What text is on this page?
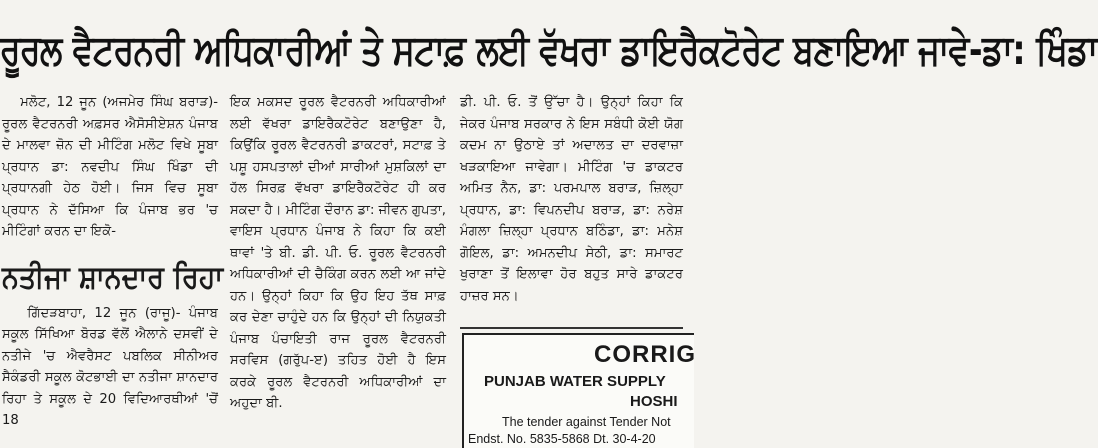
ਰੂਰਲ ਵੈਟਰਨਰੀ ਅਧਿਕਾਰੀਆਂ ਤੇ ਸਟਾਫ਼ ਲਈ ਵੱਖਰਾ ਡਾਇਰੈਕਟੋਰੇਟ ਬਣਾਇਆ ਜਾਵੇ-ਡਾ: ਖਿੰਡਾ

ਮਲੋਟ, 12 ਜੂਨ (ਅਜਮੇਰ ਸਿੰਘ ਬਰਾੜ)- ਰੂਰਲ ਵੈਟਰਨਰੀ ਅਫ਼ਸਰ ਐਸੋਸੀਏਸ਼ਨ ਪੰਜਾਬ ਦੇ ਮਾਲਵਾ ਜ਼ੋਨ ਦੀ ਮੀਟਿੰਗ ਮਲੋਟ ਵਿਖੇ ਸੂਬਾ ਪ੍ਰਧਾਨ ਡਾ: ਨਵਦੀਪ ਸਿੰਘ ਖਿੰਡਾ ਦੀ ਪ੍ਰਧਾਨਗੀ ਹੇਠ ਹੋਈ। ਜਿਸ ਵਿਚ ਸੂਬਾ ਪ੍ਰਧਾਨ ਨੇ ਦੱਸਿਆ ਕਿ ਪੰਜਾਬ ਭਰ 'ਚ ਮੀਟਿੰਗਾਂ ਕਰਨ ਦਾ ਇਕੋ-

ਨਤੀਜਾ ਸ਼ਾਨਦਾਰ ਰਿਹਾ

ਗਿੱਦੜਬਾਹਾ, 12 ਜੂਨ (ਰਾਜੂ)- ਪੰਜਾਬ ਸਕੂਲ ਸਿੱਖਿਆ ਬੋਰਡ ਵੱਲੋਂ ਐਲਾਨੇ ਦਸਵੀਂ ਦੇ ਨਤੀਜੇ 'ਚ ਐਵਰੈਸਟ ਪਬਲਿਕ ਸੀਨੀਅਰ ਸੈਕੰਡਰੀ ਸਕੂਲ ਕੋਟਭਾਈ ਦਾ ਨਤੀਜਾ ਸ਼ਾਨਦਾਰ ਰਿਹਾ ਤੇ ਸਕੂਲ ਦੇ 20 ਵਿਦਿਆਰਥੀਆਂ 'ਚੋਂ 18

ਇਕ ਮਕਸਦ ਰੂਰਲ ਵੈਟਰਨਰੀ ਅਧਿਕਾਰੀਆਂ ਲਈ ਵੱਖਰਾ ਡਾਇਰੈਕਟੋਰੇਟ ਬਣਾਉਣਾ ਹੈ, ਕਿਉਂਕਿ ਰੂਰਲ ਵੈਟਰਨਰੀ ਡਾਕਟਰਾਂ, ਸਟਾਫ਼ ਤੇ ਪਸ਼ੂ ਹਸਪਤਾਲਾਂ ਦੀਆਂ ਸਾਰੀਆਂ ਮੁਸ਼ਕਿਲਾਂ ਦਾ ਹੱਲ ਸਿਰਫ਼ ਵੱਖਰਾ ਡਾਇਰੈਕਟੋਰੇਟ ਹੀ ਕਰ ਸਕਦਾ ਹੈ। ਮੀਟਿੰਗ ਦੌਰਾਨ ਡਾ: ਜੀਵਨ ਗੁਪਤਾ, ਵਾਇਸ ਪ੍ਰਧਾਨ ਪੰਜਾਬ ਨੇ ਕਿਹਾ ਕਿ ਕਈ ਥਾਵਾਂ 'ਤੇ ਬੀ. ਡੀ. ਪੀ. ਓ. ਰੂਰਲ ਵੈਟਰਨਰੀ ਅਧਿਕਾਰੀਆਂ ਦੀ ਚੈਕਿੰਗ ਕਰਨ ਲਈ ਆ ਜਾਂਦੇ ਹਨ। ਉਨ੍ਹਾਂ ਕਿਹਾ ਕਿ ਉਹ ਇਹ ਤੱਥ ਸਾਫ਼ ਕਰ ਦੇਣਾ ਚਾਹੁੰਦੇ ਹਨ ਕਿ ਉਨ੍ਹਾਂ ਦੀ ਨਿਯੁਕਤੀ ਪੰਜਾਬ ਪੰਚਾਇਤੀ ਰਾਜ ਰੂਰਲ ਵੈਟਰਨਰੀ ਸਰਵਿਸ (ਗਰੁੱਪ-ੲ) ਤਹਿਤ ਹੋਈ ਹੈ ਇਸ ਕਰਕੇ ਰੂਰਲ ਵੈਟਰਨਰੀ ਅਧਿਕਾਰੀਆਂ ਦਾ ਅਹੁਦਾ ਬੀ.

ਡੀ. ਪੀ. ਓ. ਤੋਂ ਉੱਚਾ ਹੈ। ਉਨ੍ਹਾਂ ਕਿਹਾ ਕਿ ਜੇਕਰ ਪੰਜਾਬ ਸਰਕਾਰ ਨੇ ਇਸ ਸਬੰਧੀ ਕੋਈ ਯੋਗ ਕਦਮ ਨਾ ਉਠਾਏ ਤਾਂ ਅਦਾਲਤ ਦਾ ਦਰਵਾਜ਼ਾ ਖੜਕਾਇਆ ਜਾਵੇਗਾ। ਮੀਟਿੰਗ 'ਚ ਡਾਕਟਰ ਅਮਿਤ ਨੈਨ, ਡਾ: ਪਰਮਪਾਲ ਬਰਾੜ, ਜ਼ਿਲ੍ਹਾ ਪ੍ਰਧਾਨ, ਡਾ: ਵਿਪਨਦੀਪ ਬਰਾੜ, ਡਾ: ਨਰੇਸ਼ ਮੰਗਲਾ ਜ਼ਿਲ੍ਹਾ ਪ੍ਰਧਾਨ ਬਠਿੰਡਾ, ਡਾ: ਮਨੇਸ਼ ਗੋਇਲ, ਡਾ: ਅਮਨਦੀਪ ਸੇਠੀ, ਡਾ: ਸਮਾਰਟ ਖੁਰਾਣਾ ਤੋਂ ਇਲਾਵਾ ਹੋਰ ਬਹੁਤ ਸਾਰੇ ਡਾਕਟਰ ਹਾਜ਼ਰ ਸਨ।

CORRIG
PUNJAB WATER SUPPLY
HOSHI
The tender against Tender Not
Endst. No. 5835-5868 Dt. 30-4-20
